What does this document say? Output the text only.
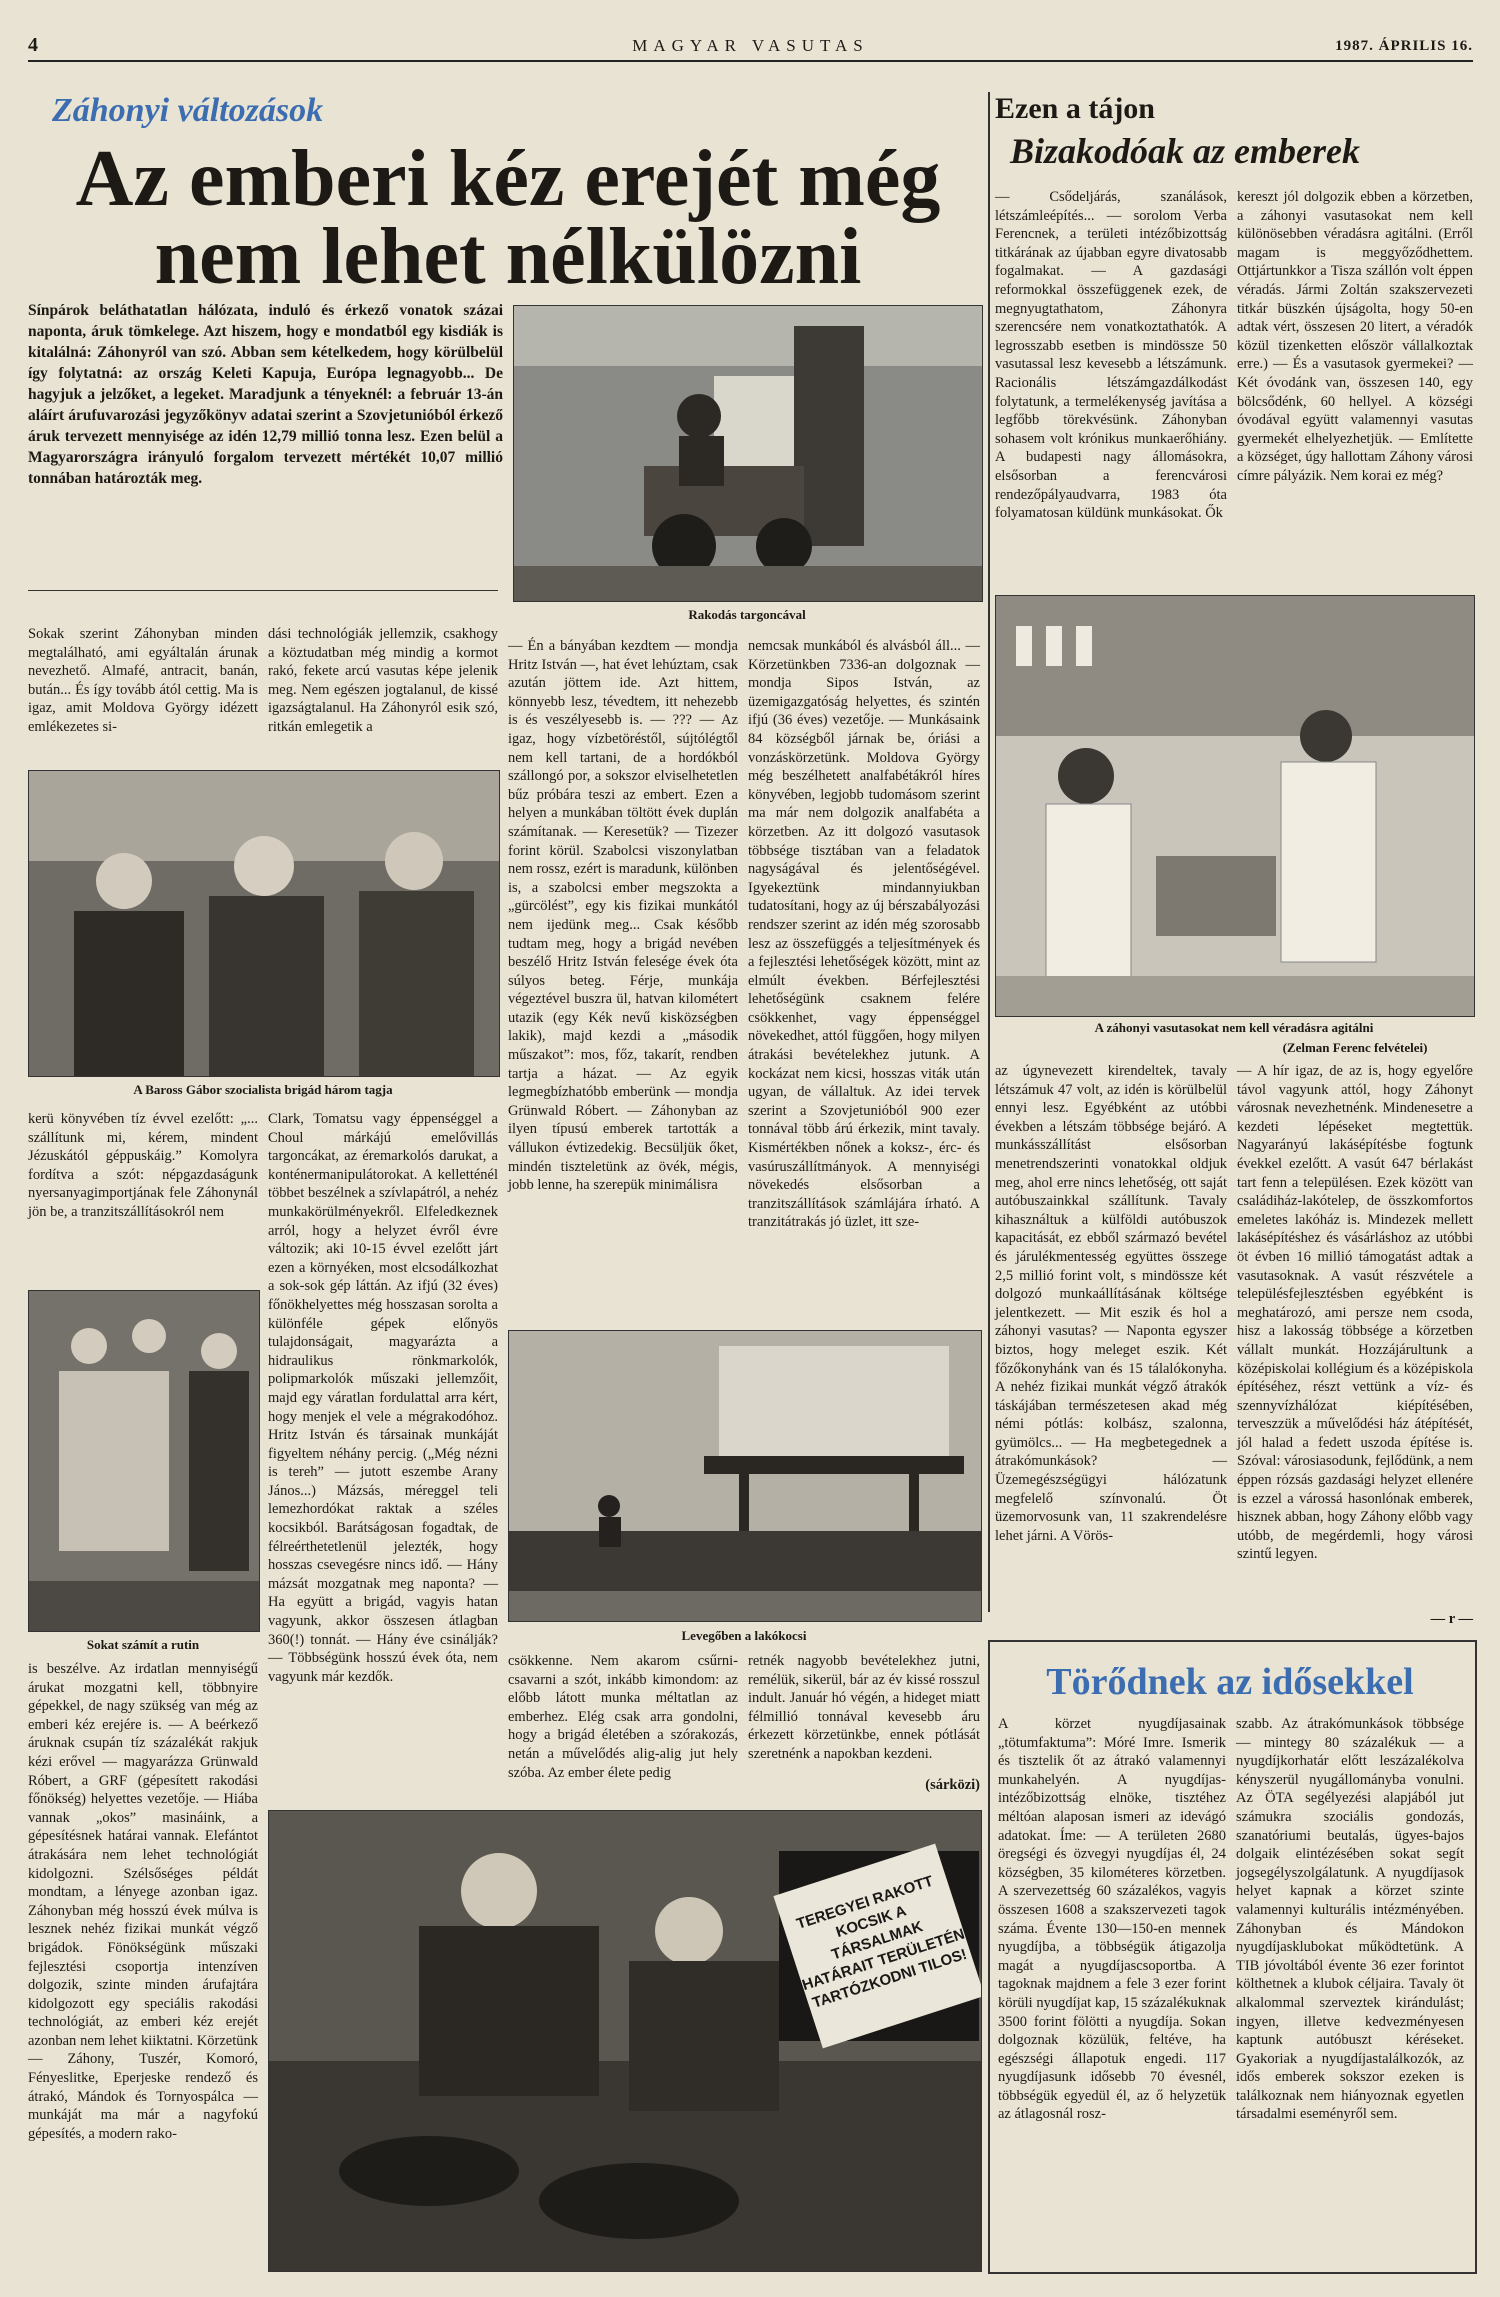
4	MAGYAR VASUTAS	1987. ÁPRILIS 16.
Záhonyi változások
Az emberi kéz erejét még
nem lehet nélkülözni
Sínpárok beláthatatlan hálózata, induló és érkező vonatok százai naponta, áruk tömkelege. Azt hiszem, hogy e mondatból egy kisdiák is kitalálná: Záhonyról van szó. Abban sem kételkedem, hogy körülbelül így folytatná: az ország Keleti Kapuja, Európa legnagyobb... De hagyjuk a jelzőket, a legeket. Maradjunk a tényeknél: a február 13-án aláírt árufuvarozási jegyzőkönyv adatai szerint a Szovjetunióból érkező áruk tervezett mennyisége az idén 12,79 millió tonna lesz. Ezen belül a Magyarországra irányuló forgalom tervezett mértékét 10,07 millió tonnában határozták meg.
Rakodás targoncával
Sokak szerint Záhonyban minden megtalálható, ami egyáltalán árunak nevezhető. Almafé, antracit, banán, bután... És így tovább ától cettig. Ma is igaz, amit Moldova György idézett emlékezetes si-
dási technológiák jellemzik, csakhogy a köztudatban még mindig a kormot rakó, fekete arcú vasutas képe jelenik meg. Nem egészen jogtalanul, de kissé igazságtalanul. Ha Záhonyról esik szó, ritkán emlegetik a
A Baross Gábor szocialista brigád három tagja
kerü könyvében tíz évvel ezelőtt: „... szállítunk mi, kérem, mindent Jézuskától géppuskáig.” Komolyra fordítva a szót: népgazdaságunk nyersanyagimportjának fele Záhonynál jön be, a tranzitszállításokról nem
Sokat számít a rutin
is beszélve. Az irdatlan mennyiségű árukat mozgatni kell, többnyire gépekkel, de nagy szükség van még az emberi kéz erejére is. — A beérkező áruknak csupán tíz százalékát rakjuk kézi erővel — magyarázza Grünwald Róbert, a GRF (gépesített rakodási főnökség) helyettes vezetője. — Hiába vannak „okos” masináink, a gépesítésnek határai vannak. Elefántot átrakására nem lehet technológiát kidolgozni. Szélsőséges példát mondtam, a lényege azonban igaz. Záhonyban még hosszú évek múlva is lesznek nehéz fizikai munkát végző brigádok. Fönökségünk műszaki fejlesztési csoportja intenzíven dolgozik, szinte minden árufajtára kidolgozott egy speciális rakodási technológiát, az emberi kéz erejét azonban nem lehet kiiktatni. Körzetünk — Záhony, Tuszér, Komoró, Fényeslitke, Eperjeske rendező és átrakó, Mándok és Tornyospálca — munkáját ma már a nagyfokú gépesítés, a modern rako-
Clark, Tomatsu vagy éppenséggel a Choul márkájú emelővillás targoncákat, az éremarkolós darukat, a konténermanipulátorokat. A kelletténél többet beszélnek a szívlapátról, a nehéz munkakörülményekről. Elfeledkeznek arról, hogy a helyzet évről évre változik; aki 10-15 évvel ezelőtt járt ezen a környéken, most elcsodálkozhat a sok-sok gép láttán. Az ifjú (32 éves) főnökhelyettes még hosszasan sorolta a különféle gépek előnyös tulajdonságait, magyarázta a hidraulikus rönkmarkolók, polipmarkolók műszaki jellemzőit, majd egy váratlan fordulattal arra kért, hogy menjek el vele a mégrakodóhoz. Hritz István és társainak munkáját figyeltem néhány percig. („Még nézni is tereh” — jutott eszembe Arany János...) Mázsás, méreggel teli lemezhordókat raktak a széles kocsikból. Barátságosan fogadtak, de félreérthetetlenül jelezték, hogy hosszas csevegésre nincs idő. — Hány mázsát mozgatnak meg naponta? — Ha együtt a brigád, vagyis hatan vagyunk, akkor összesen átlagban 360(!) tonnát. — Hány éve csinálják? — Többségünk hosszú évek óta, nem vagyunk már kezdők.
— Én a bányában kezdtem — mondja Hritz István —, hat évet lehúztam, csak azután jöttem ide. Azt hittem, könnyebb lesz, tévedtem, itt nehezebb is és veszélyesebb is. — ??? — Az igaz, hogy vízbetöréstől, sújtólégtől nem kell tartani, de a hordókból szállongó por, a sokszor elviselhetetlen bűz próbára teszi az embert. Ezen a helyen a munkában töltött évek duplán számítanak. — Keresetük? — Tizezer forint körül. Szabolcsi viszonylatban nem rossz, ezért is maradunk, különben is, a szabolcsi ember megszokta a „gürcölést”, egy kis fizikai munkától nem ijedünk meg... Csak később tudtam meg, hogy a brigád nevében beszélő Hritz István felesége évek óta súlyos beteg. Férje, munkája végeztével buszra ül, hatvan kilométert utazik (egy Kék nevű kisközségben lakik), majd kezdi a „második műszakot”: mos, főz, takarít, rendben tartja a házat. — Az egyik legmegbízhatóbb emberünk — mondja Grünwald Róbert. — Záhonyban az ilyen típusú emberek tartották a vállukon évtizedekig. Becsüljük őket, mindén tiszteletünk az övék, mégis, jobb lenne, ha szerepük minimálisra
nemcsak munkából és alvásból áll... — Körzetünkben 7336-an dolgoznak — mondja Sipos István, az üzemigazgatóság helyettes, és szintén ifjú (36 éves) vezetője. — Munkásaink 84 községből járnak be, óriási a vonzáskörzetünk. Moldova György még beszélhetett analfabétákról híres könyvében, legjobb tudomásom szerint ma már nem dolgozik analfabéta a körzetben. Az itt dolgozó vasutasok többsége tisztában van a feladatok nagyságával és jelentőségével. Igyekeztünk mindannyiukban tudatosítani, hogy az új bérszabályozási rendszer szerint az idén még szorosabb lesz az összefüggés a teljesítmények és a fejlesztési lehetőségek között, mint az elmúlt években. Bérfejlesztési lehetőségünk csaknem felére csökkenhet, vagy éppenséggel növekedhet, attól függően, hogy milyen átrakási bevételekhez jutunk. A kockázat nem kicsi, hosszas viták után ugyan, de vállaltuk. Az idei tervek szerint a Szovjetunióból 900 ezer tonnával több árú érkezik, mint tavaly. Kismértékben nőnek a koksz-, érc- és vasúruszállítmányok. A mennyiségi növekedés elsősorban a tranzitszállítások számlájára írható. A tranzitátrakás jó üzlet, itt sze-
Levegőben a lakókocsi
csökkenne. Nem akarom csűrni-csavarni a szót, inkább kimondom: az előbb látott munka méltatlan az emberhez. Elég csak arra gondolni, hogy a brigád életében a szórakozás, netán a művelődés alig-alig jut hely szóba. Az ember élete pedig
retnék nagyobb bevételekhez jutni, remélük, sikerül, bár az év kissé rosszul indult. Január hó végén, a hideget miatt félmillió tonnával kevesebb áru érkezett körzetünkbe, ennek pótlását szeretnénk a napokban kezdeni.
(sárközi)
TEREGYEI RAKOTT KOCSIK A TÁRSALMAK HATÁRAIT TERÜLETÉN TARTÓZKODNI TILOS!
Ezen a tájon
Bizakodóak az emberek
— Csődeljárás, szanálások, létszámleépítés... — sorolom Verba Ferencnek, a területi intézőbizottság titkárának az újabban egyre divatosabb fogalmakat. — A gazdasági reformokkal összefüggenek ezek, de megnyugtathatom, Záhonyra szerencsére nem vonatkoztathatók. A legrosszabb esetben is mindössze 50 vasutassal lesz kevesebb a létszámunk. Racionális létszámgazdálkodást folytatunk, a termelékenység javítása a legfőbb törekvésünk. Záhonyban sohasem volt krónikus munkaerőhiány. A budapesti nagy állomásokra, elsősorban a ferencvárosi rendezőpályaudvarra, 1983 óta folyamatosan küldünk munkásokat. Ők
kereszt jól dolgozik ebben a körzetben, a záhonyi vasutasokat nem kell különösebben véradásra agitálni. (Erről magam is meggyőződhettem. Ottjártunkkor a Tisza szállón volt éppen véradás. Jármi Zoltán szakszervezeti titkár büszkén újságolta, hogy 50-en adtak vért, összesen 20 litert, a véradók közül tizenketten először vállalkoztak erre.) — És a vasutasok gyermekei? — Két óvodánk van, összesen 140, egy bölcsődénk, 60 hellyel. A községi óvodával együtt valamennyi vasutas gyermekét elhelyezhetjük. — Említette a községet, úgy hallottam Záhony városi címre pályázik. Nem korai ez még?
A záhonyi vasutasokat nem kell véradásra agitálni
(Zelman Ferenc felvételei)
az úgynevezett kirendeltek, tavaly létszámuk 47 volt, az idén is körülbelül ennyi lesz. Egyébként az utóbbi években a létszám többsége bejáró. A munkásszállítást elsősorban menetrendszerinti vonatokkal oldjuk meg, ahol erre nincs lehetőség, ott saját autóbuszainkkal szállítunk. Tavaly kihasználtuk a külföldi autóbuszok kapacitását, ez ebből származó bevétel és járulékmentesség együttes összege 2,5 millió forint volt, s mindössze két dolgozó munkaállításának költsége jelentkezett. — Mit eszik és hol a záhonyi vasutas? — Naponta egyszer biztos, hogy meleget eszik. Két főzőkonyhánk van és 15 tálalókonyha. A nehéz fizikai munkát végző átrakók táskájában természetesen akad még némi pótlás: kolbász, szalonna, gyümölcs... — Ha megbetegednek a átrakómunkások? — Üzemegészségügyi hálózatunk megfelelő színvonalú. Öt üzemorvosunk van, 11 szakrendelésre lehet járni. A Vörös-
— A hír igaz, de az is, hogy egyelőre távol vagyunk attól, hogy Záhonyt városnak nevezhetnénk. Mindenesetre a kezdeti lépéseket megtettük. Nagyarányú lakásépítésbe fogtunk évekkel ezelőtt. A vasút 647 bérlakást tart fenn a településen. Ezek között van családiház-lakótelep, de összkomfortos emeletes lakóház is. Mindezek mellett lakásépítéshez és vásárláshoz az utóbbi öt évben 16 millió támogatást adtak a vasutasoknak. A vasút részvétele a településfejlesztésben egyébként is meghatározó, ami persze nem csoda, hisz a lakosság többsége a körzetben vállalt munkát. Hozzájárultunk a középiskolai kollégium és a középiskola építéséhez, részt vettünk a víz- és szennyvízhálózat kiépítésében, terveszzük a művelődési ház átépítését, jól halad a fedett uszoda építése is. Szóval: városiasodunk, fejlődünk, a nem éppen rózsás gazdasági helyzet ellenére is ezzel a várossá hasonlónak emberek, hisznek abban, hogy Záhony előbb vagy utóbb, de megérdemli, hogy városi szintű legyen.
— r —
Törődnek az idősekkel
A körzet nyugdíjasainak „tötumfaktuma”: Móré Imre. Ismerik és tisztelik őt az átrakó valamennyi munkahelyén. A nyugdíjas-intézőbizottság elnöke, tisztéhez méltóan alaposan ismeri az idevágó adatokat. Íme: — A területen 2680 öregségi és özvegyi nyugdíjas él, 24 községben, 35 kilométeres körzetben. A szervezettség 60 százalékos, vagyis összesen 1608 a szakszervezeti tagok száma. Évente 130—150-en mennek nyugdíjba, a többségük átigazolja magát a nyugdíjascsoportba. A tagoknak majdnem a fele 3 ezer forint körüli nyugdíjat kap, 15 százalékuknak 3500 forint fölötti a nyugdíja. Sokan dolgoznak közülük, feltéve, ha egészségi állapotuk engedi. 117 nyugdíjasunk idősebb 70 évesnél, többségük egyedül él, az ő helyzetük az átlagosnál rosz-
szabb. Az átrakómunkások többsége — mintegy 80 százalékuk — a nyugdíjkorhatár előtt leszázalékolva kényszerül nyugállományba vonulni. Az ÖTA segélyezési alapjából jut számukra szociális gondozás, szanatóriumi beutalás, ügyes-bajos dolgaik elintézésében sokat segít jogsegélyszolgálatunk. A nyugdíjasok helyet kapnak a körzet szinte valamennyi kulturális intézményében. Záhonyban és Mándokon nyugdíjasklubokat működtetünk. A TIB jóvoltából évente 36 ezer forintot költhetnek a klubok céljaira. Tavaly öt alkalommal szerveztek kirándulást; ingyen, illetve kedvezményesen kaptunk autóbuszt kéréseket. Gyakoriak a nyugdíjastalálkozók, az idős emberek sokszor ezeken is találkoznak nem hiányoznak egyetlen társadalmi eseményről sem.
